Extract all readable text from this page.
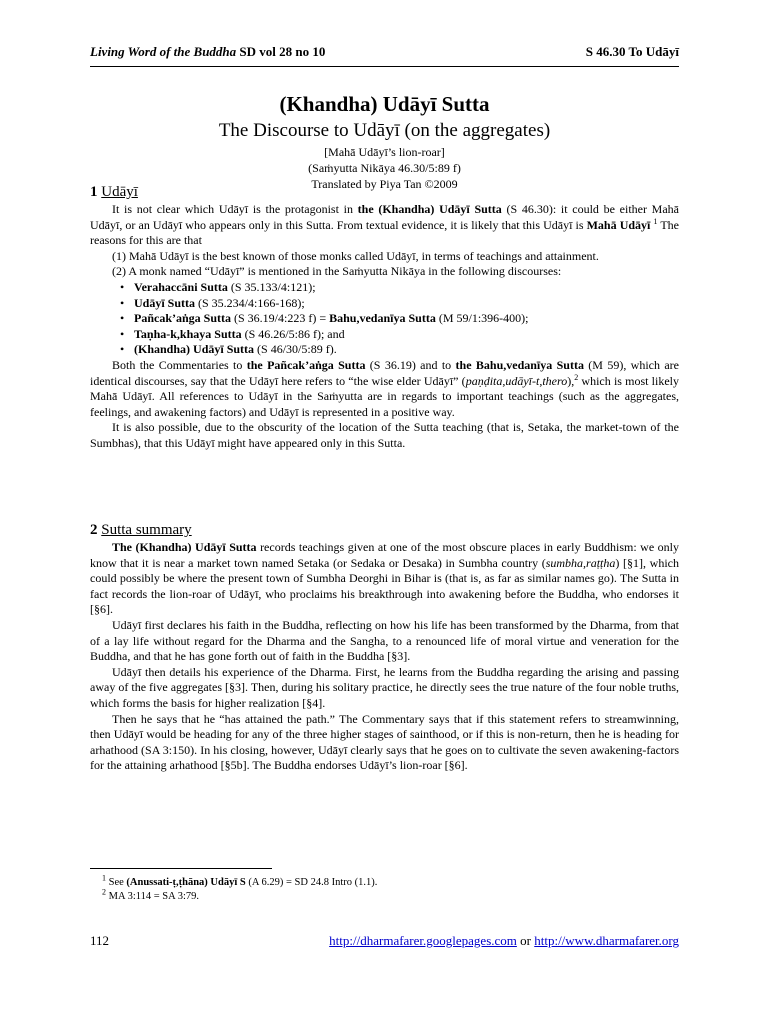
Living Word of the Buddha SD vol 28 no 10	S 46.30 To Udāyī
(Khandha) Udāyī Sutta
The Discourse to Udāyī (on the aggregates)
[Mahā Udāyī’s lion-roar]
(Saṁyutta Nikāya 46.30/5:89 f)
Translated by Piya Tan ©2009
1 Udāyī

It is not clear which Udāyī is the protagonist in the (Khandha) Udāyī Sutta (S 46.30): it could be either Mahā Udāyī, or an Udāyī who appears only in this Sutta. From textual evidence, it is likely that this Udāyī is Mahā Udāyī $^1$ The reasons for this are that

(1) Mahā Udāyī is the best known of those monks called Udāyī, in terms of teachings and attainment.
(2) A monk named “Udāyī” is mentioned in the Saṁyutta Nikāya in the following discourses:
• Verahaccāni Sutta (S 35.133/4:121);
• Udāyī Sutta (S 35.234/4:166-168);
• Pañcak’aṅga Sutta (S 36.19/4:223 f) = Bahu,vedanīya Sutta (M 59/1:396-400);
• Taṇha-k,khaya Sutta (S 46.26/5:86 f); and
• (Khandha) Udāyī Sutta (S 46/30/5:89 f).

Both the Commentaries to the Pañcak’aṅga Sutta (S 36.19) and to the Bahu,vedanīya Sutta (M 59), which are identical discourses, say that the Udāyī here refers to “the wise elder Udāyī” (paṇḍita,udāyī-t,thero),$^2$ which is most likely Mahā Udāyī. All references to Udāyī in the Saṁyutta are in regards to important teachings (such as the aggregates, feelings, and awakening factors) and Udāyī is represented in a positive way.

It is also possible, due to the obscurity of the location of the Sutta teaching (that is, Setaka, the market-town of the Sumbhas), that this Udāyī might have appeared only in this Sutta.

2 Sutta summary

The (Khandha) Udāyī Sutta records teachings given at one of the most obscure places in early Buddhism: we only know that it is near a market town named Setaka (or Sedaka or Desaka) in Sumbha country (sumbha,raṭṭha) [§1], which could possibly be where the present town of Sumbha Deorghi in Bihar is (that is, as far as similar names go). The Sutta in fact records the lion-roar of Udāyī, who proclaims his breakthrough into awakening before the Buddha, who endorses it [§6].

Udāyī first declares his faith in the Buddha, reflecting on how his life has been transformed by the Dharma, from that of a lay life without regard for the Dharma and the Sangha, to a renounced life of moral virtue and veneration for the Buddha, and that he has gone forth out of faith in the Buddha [§3].

Udāyī then details his experience of the Dharma. First, he learns from the Buddha regarding the arising and passing away of the five aggregates [§3]. Then, during his solitary practice, he directly sees the true nature of the four noble truths, which forms the basis for higher realization [§4].

Then he says that he “has attained the path.” The Commentary says that if this statement refers to streamwinning, then Udāyī would be heading for any of the three higher stages of sainthood, or if this is non-return, then he is heading for arhathood (SA 3:150). In his closing, however, Udāyī clearly says that he goes on to cultivate the seven awakening-factors for the attaining arhathood [§5b]. The Buddha endorses Udāyī’s lion-roar [§6].

$^1$ See (Anussati-ṭ,ṭhāna) Udāyī S (A 6.29) = SD 24.8 Intro (1.1).
$^2$ MA 3:114 = SA 3:79.
112	http://dharmafarer.googlepages.com or http://www.dharmafarer.org
